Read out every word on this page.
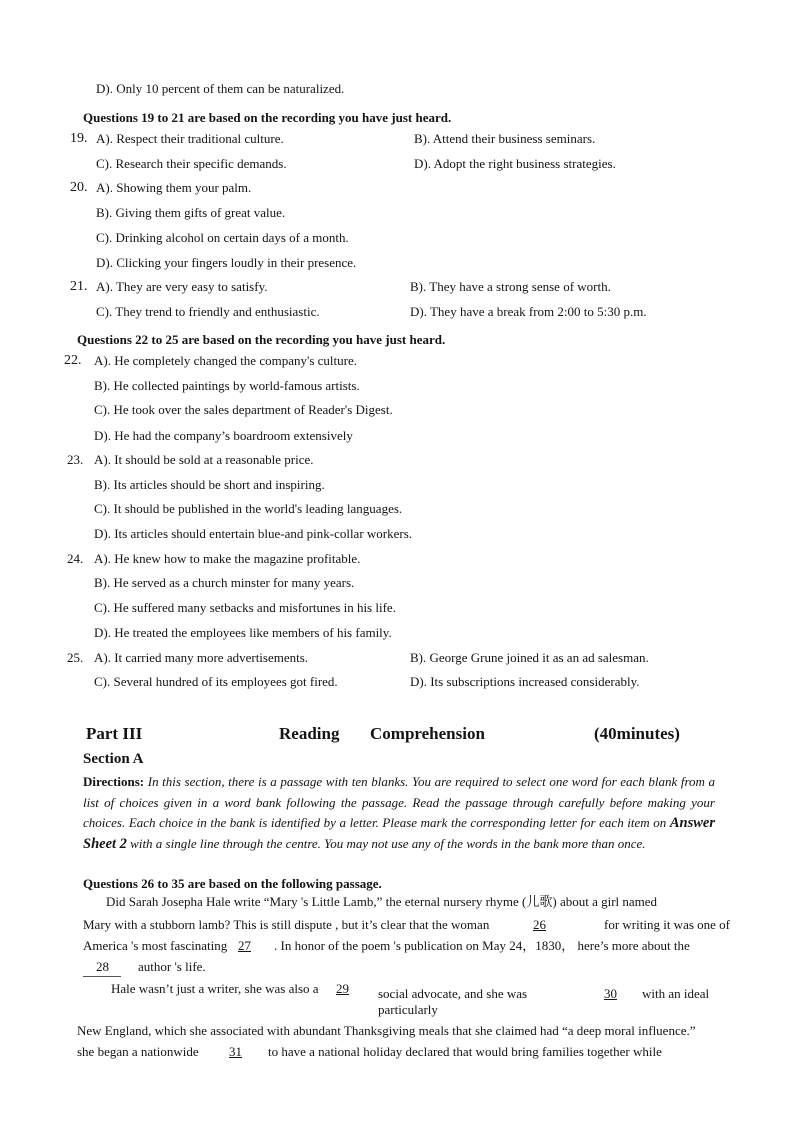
D). Only 10 percent of them can be naturalized.
Questions 19 to 21 are based on the recording you have just heard.
19. A). Respect their traditional culture.	B). Attend their business seminars.
C). Research their specific demands.	D). Adopt the right business strategies.
20. A). Showing them your palm.
B). Giving them gifts of great value.
C). Drinking alcohol on certain days of a month.
D). Clicking your fingers loudly in their presence.
21. A). They are very easy to satisfy.	B). They have a strong sense of worth.
C). They trend to friendly and enthusiastic.	D). They have a break from 2:00 to 5:30 p.m.
Questions 22 to 25 are based on the recording you have just heard.
22. A). He completely changed the company's culture.
B). He collected paintings by world-famous artists.
C). He took over the sales department of Reader's Digest.
D). He had the company’s boardroom extensively
23. A). It should be sold at a reasonable price.
B). Its articles should be short and inspiring.
C). It should be published in the world's leading languages.
D). Its articles should entertain blue-and pink-collar workers.
24. A). He knew how to make the magazine profitable.
B). He served as a church minster for many years.
C). He suffered many setbacks and misfortunes in his life.
D). He treated the employees like members of his family.
25. A). It carried many more advertisements.	B). George Grune joined it as an ad salesman.
C). Several hundred of its employees got fired.	D). Its subscriptions increased considerably.
Part III	Reading Comprehension	(40minutes)
Section A
Directions: In this section, there is a passage with ten blanks. You are required to select one word for each blank from a list of choices given in a word bank following the passage. Read the passage through carefully before making your choices. Each choice in the bank is identified by a letter. Please mark the corresponding letter for each item on Answer Sheet 2 with a single line through the centre. You may not use any of the words in the bank more than once.
Questions 26 to 35 are based on the following passage.
Did Sarah Josepha Hale write “Mary 's Little Lamb,” the eternal nursery rhyme (儿歌) about a girl named
Mary with a stubborn lamb? This is still dispute , but it’s clear that the woman	26	for writing it was one of
America 's most fascinating 27 . In honor of the poem 's publication on May 24，1830， here’s more about the
28 author 's life.
Hale wasn’t just a writer, she was also a 29 social advocate, and she was
particularly
30 with an ideal
New England, which she associated with abundant Thanksgiving meals that she claimed had “a deep moral influence.”
she began a nationwide 31 to have a national holiday declared that would bring families together while
